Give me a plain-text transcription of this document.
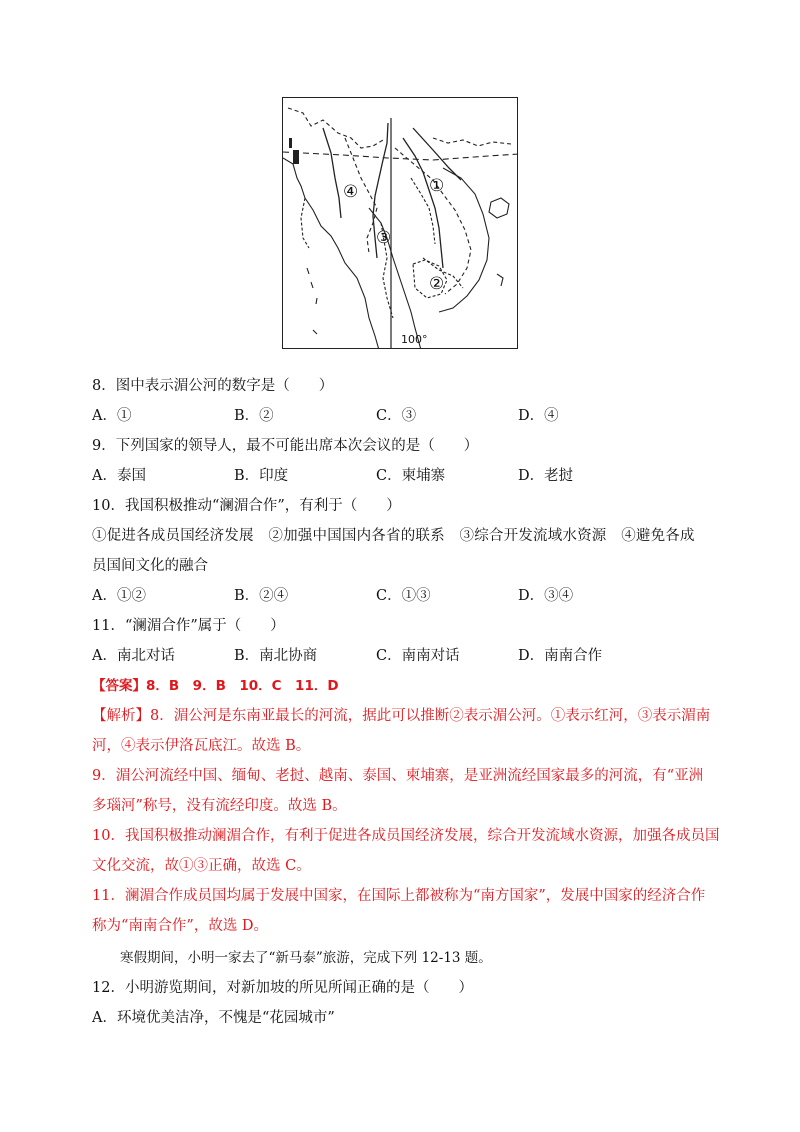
④	①
③
②
100°
8．图中表示湄公河的数字是（　　）
A．①	B．②	C．③	D．④
9．下列国家的领导人，最不可能出席本次会议的是（　　）
A．泰国	B．印度	C．柬埔寨	D．老挝
10．我国积极推动“澜湄合作”，有利于（　　）
①促进各成员国经济发展　②加强中国国内各省的联系　③综合开发流域水资源　④避免各成
员国间文化的融合
A．①②	B．②④	C．①③	D．③④
11．“澜湄合作”属于（　　）
A．南北对话	B．南北协商	C．南南对话	D．南南合作
【答案】8．B　9．B　10．C　11．D
【解析】8．湄公河是东南亚最长的河流，据此可以推断②表示湄公河。①表示红河，③表示湄南
河，④表示伊洛瓦底江。故选 B。
9．湄公河流经中国、缅甸、老挝、越南、泰国、柬埔寨，是亚洲流经国家最多的河流，有“亚洲
多瑙河”称号，没有流经印度。故选 B。
10．我国积极推动澜湄合作，有利于促进各成员国经济发展，综合开发流域水资源，加强各成员国
文化交流，故①③正确，故选 C。
11．澜湄合作成员国均属于发展中国家，在国际上都被称为“南方国家”，发展中国家的经济合作
称为“南南合作”，故选 D。
寒假期间，小明一家去了“新马泰”旅游，完成下列 12-13 题。
12．小明游览期间，对新加坡的所见所闻正确的是（　　）
A．环境优美洁净，不愧是“花园城市”
